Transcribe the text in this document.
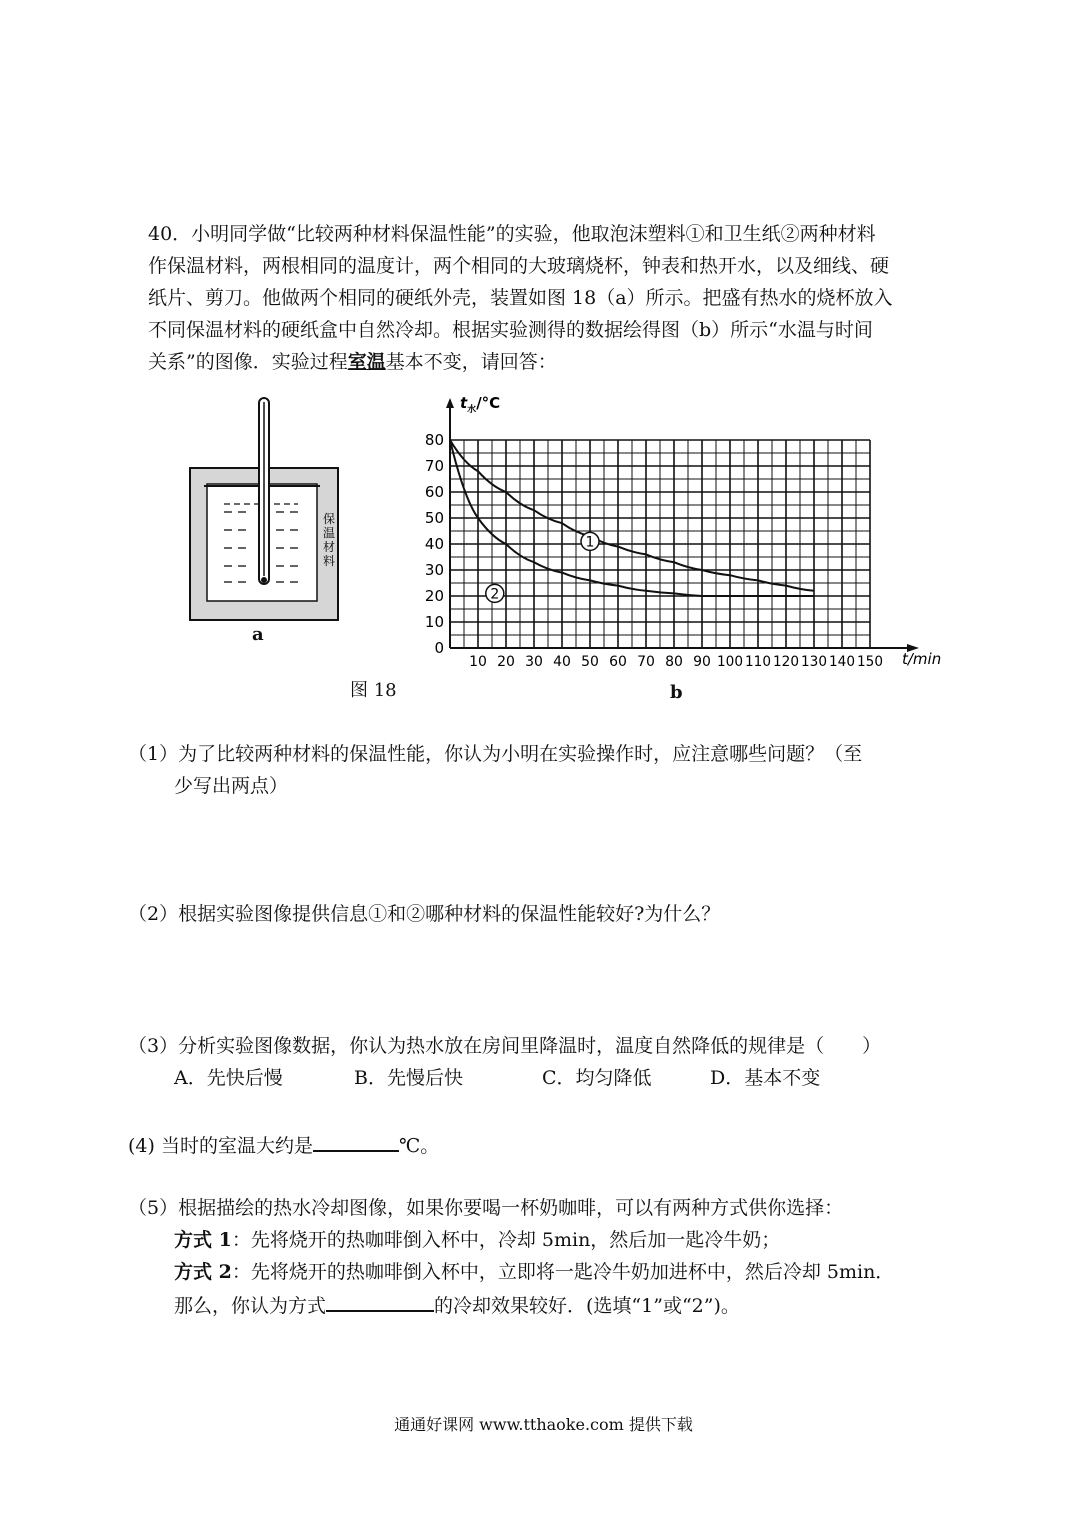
40．小明同学做“比较两种材料保温性能”的实验，他取泡沫塑料①和卫生纸②两种材料

作保温材料，两根相同的温度计，两个相同的大玻璃烧杯，钟表和热开水，以及细线、硬

纸片、剪刀。他做两个相同的硬纸外壳，装置如图 18（a）所示。把盛有热水的烧杯放入

不同保温材料的硬纸盒中自然冷却。根据实验测得的数据绘得图（b）所示“水温与时间

关系”的图像．实验过程室温基本不变，请回答：

保
温
材
料
a
图 18	b
0
10
20
30
40
50
60
70
80
10 20 30 40 50 60 70 80 90 100 110 120 130 140 150
1
2
$t_水/^\circ C$
t/min

（1）为了比较两种材料的保温性能，你认为小明在实验操作时，应注意哪些问题？（至

少写出两点）

（2）根据实验图像提供信息①和②哪种材料的保温性能较好?为什么？

（3）分析实验图像数据，你认为热水放在房间里降温时，温度自然降低的规律是（　　）

A．先快后慢	B．先慢后快	C．均匀降低	D．基本不变

(4) 当时的室温大约是	℃。

（5）根据描绘的热水冷却图像，如果你要喝一杯奶咖啡，可以有两种方式供你选择：

方式 1：先将烧开的热咖啡倒入杯中，冷却 5min，然后加一匙冷牛奶；

方式 2：先将烧开的热咖啡倒入杯中，立即将一匙冷牛奶加进杯中，然后冷却 5min．

那么，你认为方式	的冷却效果较好．(选填“1”或“2”)。

通通好课网 www.tthaoke.com 提供下载
